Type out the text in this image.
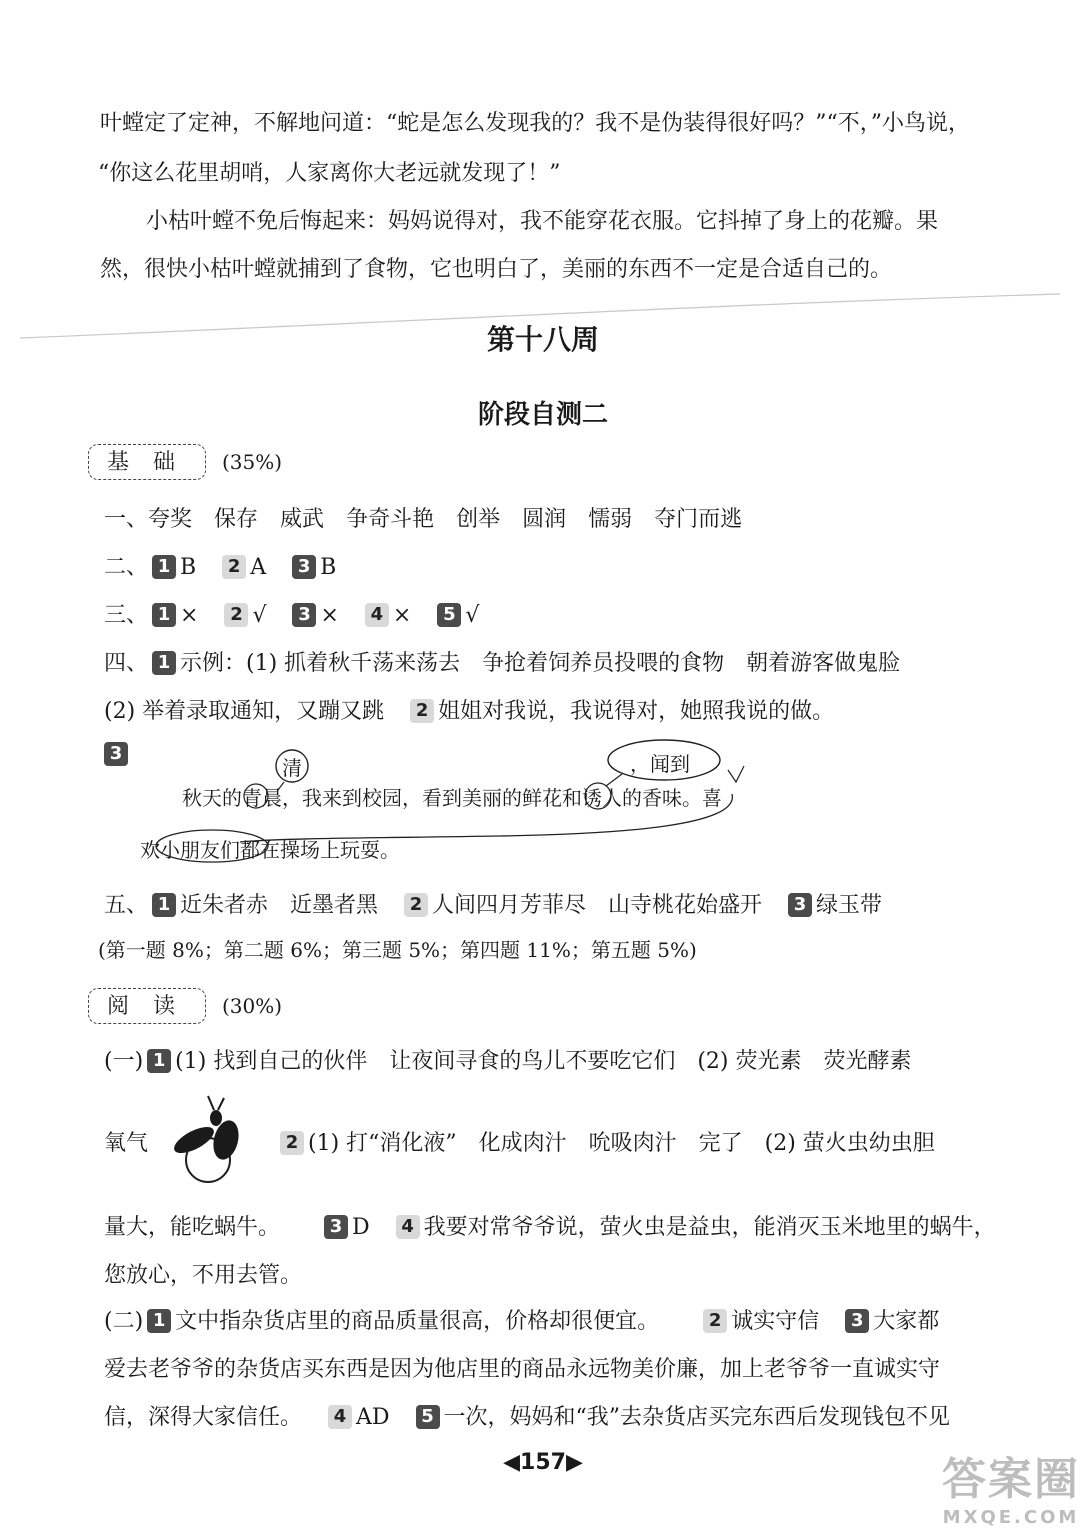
叶螳定了定神，不解地问道：“蛇是怎么发现我的？我不是伪装得很好吗？”“不，”小鸟说，
“你这么花里胡哨，人家离你大老远就发现了！”
小枯叶螳不免后悔起来：妈妈说得对，我不能穿花衣服。它抖掉了身上的花瓣。果
然，很快小枯叶螳就捕到了食物，它也明白了，美丽的东西不一定是合适自己的。
第十八周
阶段自测二
基础	(35%)
一、夸奖 保存 威武 争奇斗艳 创举 圆润 懦弱 夺门而逃
二、 1 B 2 A 3 B
三、 1 × 2 √ 3 × 4 × 5 √
四、 1 示例：(1) 抓着秋千荡来荡去　争抢着饲养员投喂的食物　朝着游客做鬼脸
(2) 举着录取通知，又蹦又跳 2 姐姐对我说，我说得对，她照我说的做。
3
清	，闻到
秋天的青晨，我来到校园，看到美丽的鲜花和诱人的香味。喜
欢小朋友们都在操场上玩耍。
五、 1 近朱者赤　近墨者黑 2 人间四月芳菲尽　山寺桃花始盛开 3 绿玉带
(第一题 8%；第二题 6%；第三题 5%；第四题 11%；第五题 5%)
阅读	(30%)
(一) 1 (1) 找到自己的伙伴　让夜间寻食的鸟儿不要吃它们　(2) 荧光素　荧光酵素
氧气	2 (1) 打“消化液”　化成肉汁　吮吸肉汁　完了　(2) 萤火虫幼虫胆
量大，能吃蜗牛。	3 D 4 我要对常爷爷说，萤火虫是益虫，能消灭玉米地里的蜗牛，
您放心，不用去管。
(二) 1 文中指杂货店里的商品质量很高，价格却很便宜。	2 诚实守信 3 大家都
爱去老爷爷的杂货店买东西是因为他店里的商品永远物美价廉，加上老爷爷一直诚实守
信，深得大家信任。 4 AD 5 一次，妈妈和“我”去杂货店买完东西后发现钱包不见
◀157▶	答案圈
MXQE.COM
